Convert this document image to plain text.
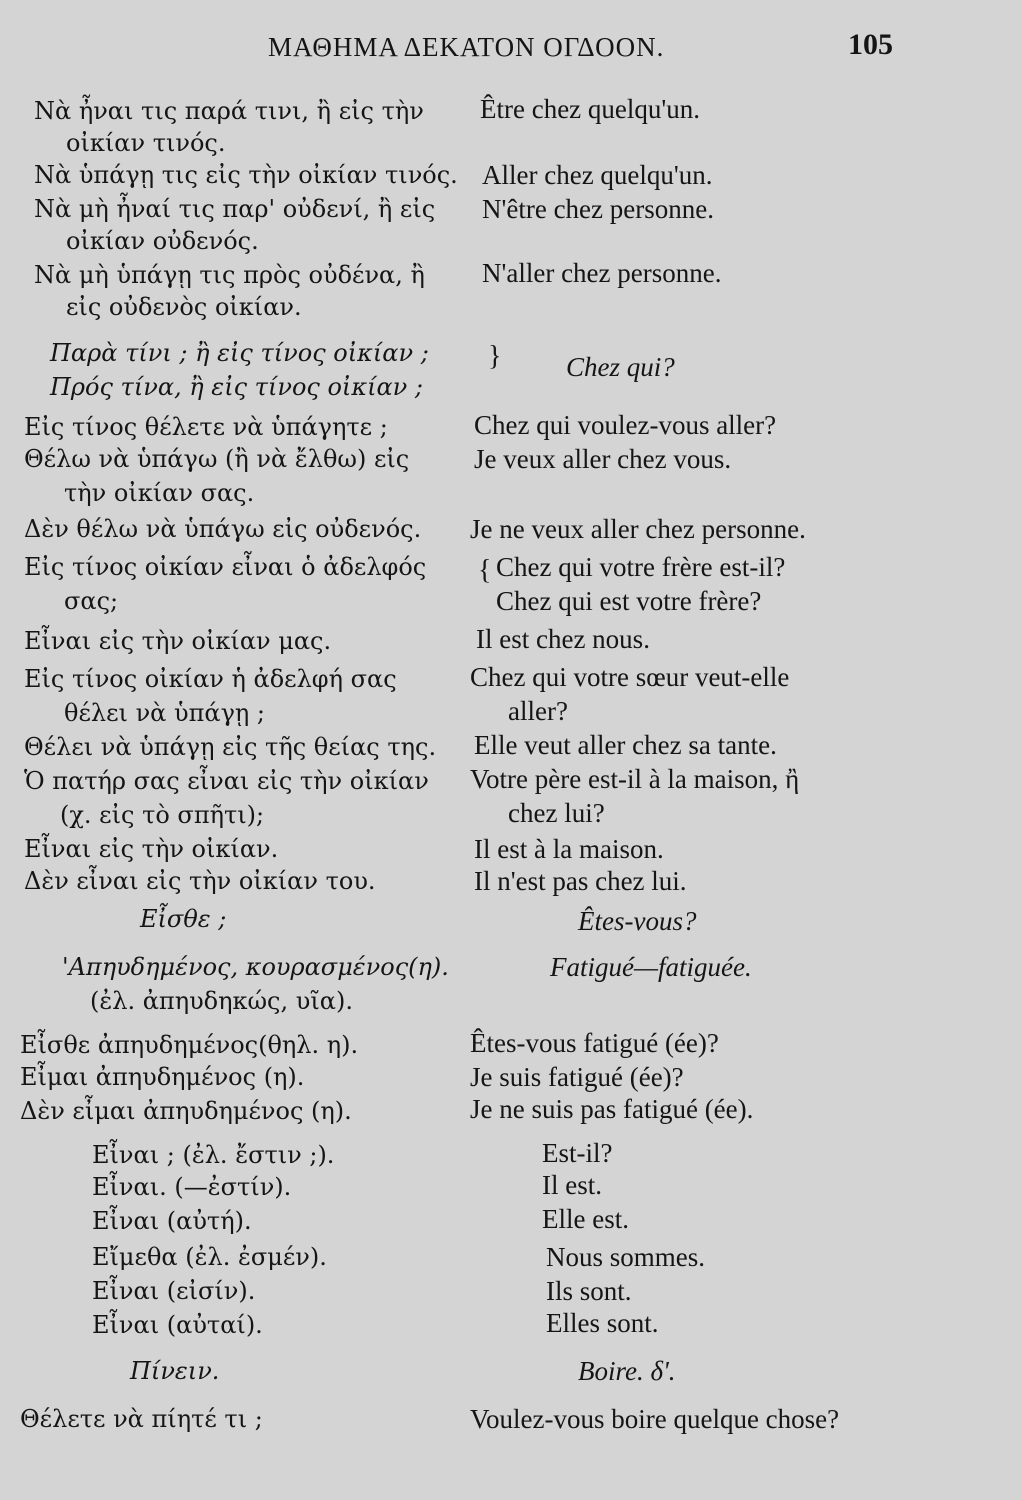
ΜΑΘΗΜΑ ΔΕΚΑΤΟΝ ΟΓΔΟΟΝ.	105
Νὰ ἦναι τις παρά τινι, ἢ εἰς τὴν
οἰκίαν τινός.
Νὰ ὑπάγῃ τις εἰς τὴν οἰκίαν τινός.
Νὰ μὴ ἦναί τις παρ' οὐδενί, ἢ εἰς
οἰκίαν οὐδενός.
Νὰ μὴ ὑπάγῃ τις πρὸς οὐδένα, ἢ
εἰς οὐδενὸς οἰκίαν.
Παρὰ τίνι ; ἢ εἰς τίνος οἰκίαν ;
Πρός τίνα, ἢ εἰς τίνος οἰκίαν ;
Εἰς τίνος θέλετε νὰ ὑπάγητε ;
Θέλω νὰ ὑπάγω (ἢ νὰ ἔλθω) εἰς
τὴν οἰκίαν σας.
Δὲν θέλω νὰ ὑπάγω εἰς οὐδενός.
Εἰς τίνος οἰκίαν εἶναι ὁ ἀδελφός
σας;
Εἶναι εἰς τὴν οἰκίαν μας.
Εἰς τίνος οἰκίαν ἡ ἀδελφή σας
θέλει νὰ ὑπάγῃ ;
Θέλει νὰ ὑπάγῃ εἰς τῆς θείας της.
Ὁ πατήρ σας εἶναι εἰς τὴν οἰκίαν
(χ. εἰς τὸ σπῆτι);
Εἶναι εἰς τὴν οἰκίαν.
Δὲν εἶναι εἰς τὴν οἰκίαν του.
Εἶσθε ;
'Απηυδημένος, κουρασμένος(η).
(ἐλ. ἀπηυδηκώς, υῖα).
Εἶσθε ἀπηυδημένος(θηλ. η).
Εἶμαι ἀπηυδημένος (η).
Δὲν εἶμαι ἀπηυδημένος (η).
Εἶναι ; (ἐλ. ἔστιν ;).
Εἶναι. (—ἐστίν).
Εἶναι (αὐτή).
Εἴμεθα (ἐλ. ἐσμέν).
Εἶναι (εἰσίν).
Εἶναι (αὐταί).
Πίνειν.
Θέλετε νὰ πίητέ τι ;
Être chez quelqu'un.
Aller chez quelqu'un.
N'être chez personne.
N'aller chez personne.
Chez qui?
Chez qui voulez-vous aller?
Je veux aller chez vous.
Je ne veux aller chez personne.
Chez qui votre frère est-il?
Chez qui est votre frère?
Il est chez nous.
Chez qui votre sœur veut-elle
aller?
Elle veut aller chez sa tante.
Votre père est-il à la maison, ἢ
chez lui?
Il est à la maison.
Il n'est pas chez lui.
Êtes-vous?
Fatigué—fatiguée.
Êtes-vous fatigué (ée)?
Je suis fatigué (ée)?
Je ne suis pas fatigué (ée).
Est-il?
Il est.
Elle est.
Nous sommes.
Ils sont.
Elles sont.
Boire. δ'.
Voulez-vous boire quelque chose?
}
{
